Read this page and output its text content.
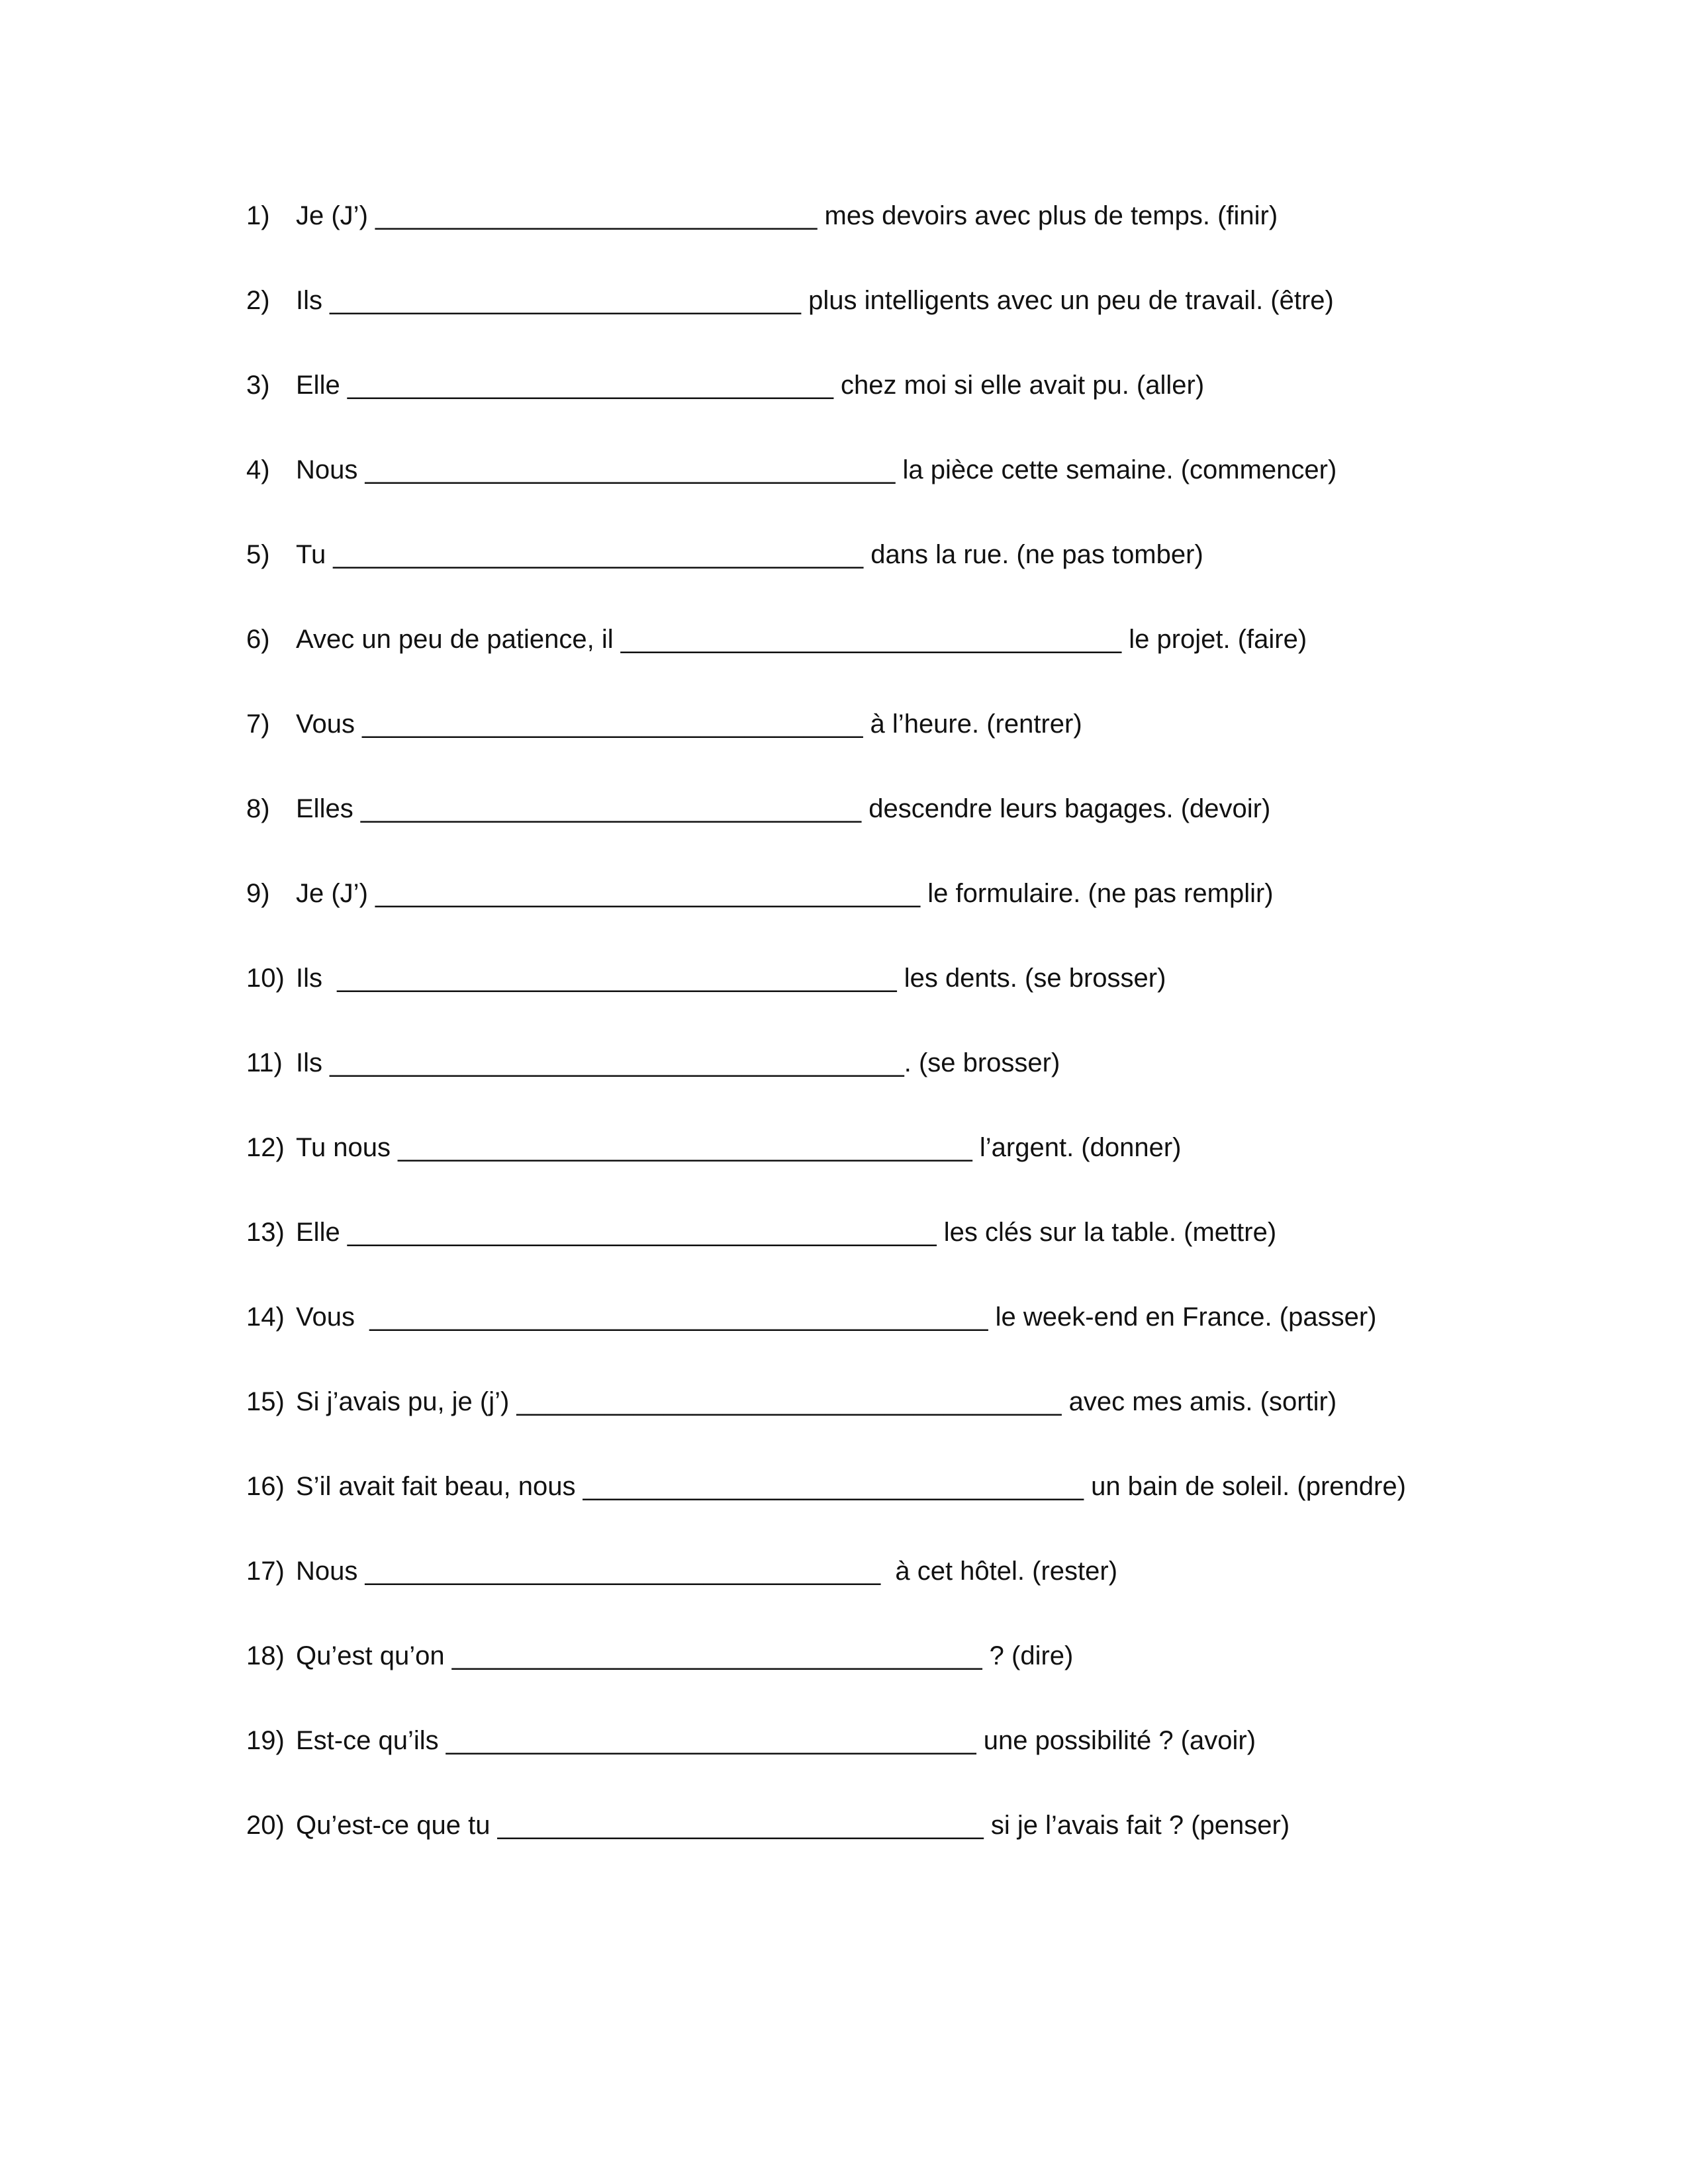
1) Je (J’) ______________________________ mes devoirs avec plus de temps. (finir)
2) Ils ________________________________ plus intelligents avec un peu de travail. (être)
3) Elle _________________________________ chez moi si elle avait pu. (aller)
4) Nous ____________________________________ la pièce cette semaine. (commencer)
5) Tu ____________________________________ dans la rue. (ne pas tomber)
6) Avec un peu de patience, il __________________________________ le projet. (faire)
7) Vous __________________________________ à l’heure. (rentrer)
8) Elles __________________________________ descendre leurs bagages. (devoir)
9) Je (J’) _____________________________________ le formulaire. (ne pas remplir)
10) Ils  ______________________________________ les dents. (se brosser)
11) Ils _______________________________________. (se brosser)
12) Tu nous _______________________________________ l’argent. (donner)
13) Elle ________________________________________ les clés sur la table. (mettre)
14) Vous  __________________________________________ le week-end en France. (passer)
15) Si j’avais pu, je (j’) _____________________________________ avec mes amis. (sortir)
16) S’il avait fait beau, nous __________________________________ un bain de soleil. (prendre)
17) Nous ___________________________________  à cet hôtel. (rester)
18) Qu’est qu’on ____________________________________ ? (dire)
19) Est-ce qu’ils ____________________________________ une possibilité ? (avoir)
20) Qu’est-ce que tu _________________________________ si je l’avais fait ? (penser)
